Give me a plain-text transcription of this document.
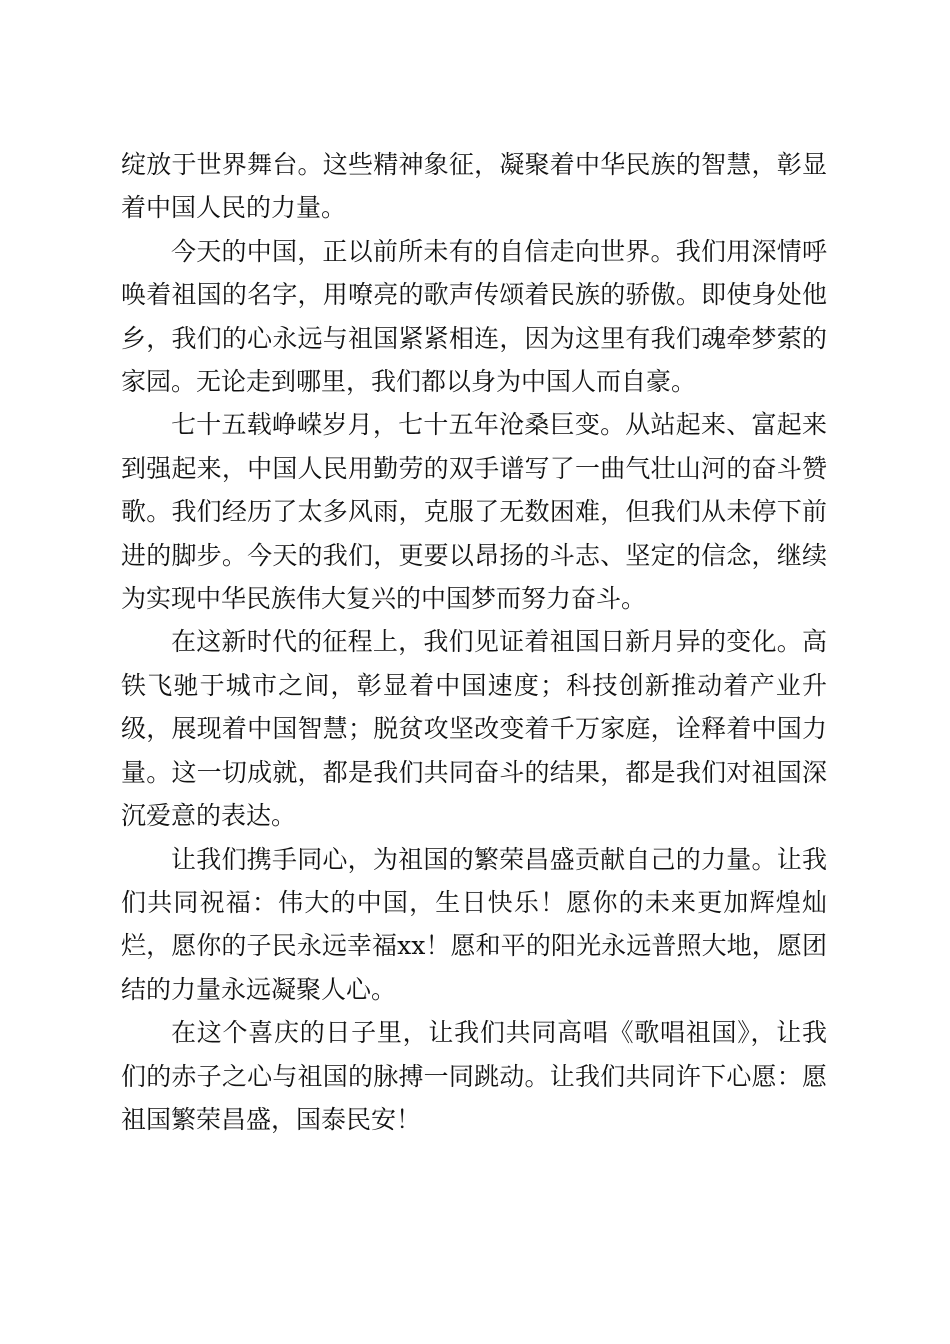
绽放于世界舞台。这些精神象征，凝聚着中华民族的智慧，彰显着中国人民的力量。

今天的中国，正以前所未有的自信走向世界。我们用深情呼唤着祖国的名字，用嘹亮的歌声传颂着民族的骄傲。即使身处他乡，我们的心永远与祖国紧紧相连，因为这里有我们魂牵梦萦的家园。无论走到哪里，我们都以身为中国人而自豪。

七十五载峥嵘岁月，七十五年沧桑巨变。从站起来、富起来到强起来，中国人民用勤劳的双手谱写了一曲气壮山河的奋斗赞歌。我们经历了太多风雨，克服了无数困难，但我们从未停下前进的脚步。今天的我们，更要以昂扬的斗志、坚定的信念，继续为实现中华民族伟大复兴的中国梦而努力奋斗。

在这新时代的征程上，我们见证着祖国日新月异的变化。高铁飞驰于城市之间，彰显着中国速度；科技创新推动着产业升级，展现着中国智慧；脱贫攻坚改变着千万家庭，诠释着中国力量。这一切成就，都是我们共同奋斗的结果，都是我们对祖国深沉爱意的表达。

让我们携手同心，为祖国的繁荣昌盛贡献自己的力量。让我们共同祝福：伟大的中国，生日快乐！愿你的未来更加辉煌灿烂，愿你的子民永远幸福xx！愿和平的阳光永远普照大地，愿团结的力量永远凝聚人心。

在这个喜庆的日子里，让我们共同高唱《歌唱祖国》，让我们的赤子之心与祖国的脉搏一同跳动。让我们共同许下心愿：愿祖国繁荣昌盛，国泰民安！
